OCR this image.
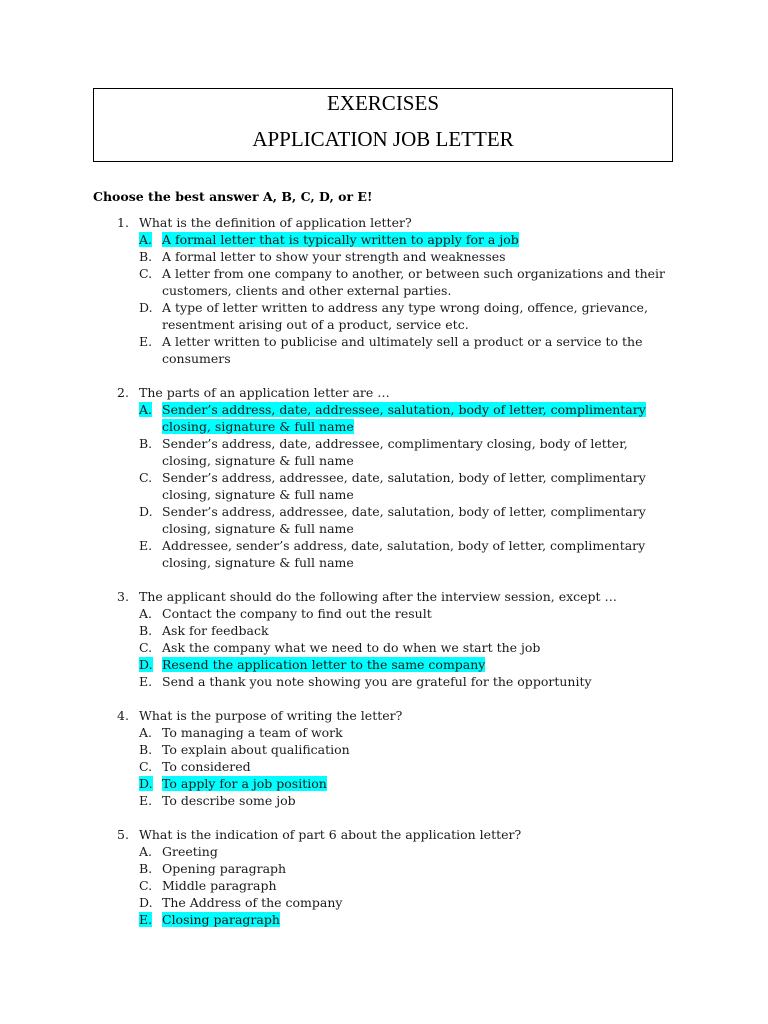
EXERCISES
APPLICATION JOB LETTER
Choose the best answer A, B, C, D, or E!
1. What is the definition of application letter?
A. A formal letter that is typically written to apply for a job
B. A formal letter to show your strength and weaknesses
C. A letter from one company to another, or between such organizations and their customers, clients and other external parties.
D. A type of letter written to address any type wrong doing, offence, grievance, resentment arising out of a product, service etc.
E. A letter written to publicise and ultimately sell a product or a service to the consumers
2. The parts of an application letter are …
A. Sender’s address, date, addressee, salutation, body of letter, complimentary closing, signature & full name
B. Sender’s address, date, addressee, complimentary closing, body of letter, closing, signature & full name
C. Sender’s address, addressee, date, salutation, body of letter, complimentary closing, signature & full name
D. Sender’s address, addressee, date, salutation, body of letter, complimentary closing, signature & full name
E. Addressee, sender’s address, date, salutation, body of letter, complimentary closing, signature & full name
3. The applicant should do the following after the interview session, except …
A. Contact the company to find out the result
B. Ask for feedback
C. Ask the company what we need to do when we start the job
D. Resend the application letter to the same company
E. Send a thank you note showing you are grateful for the opportunity
4. What is the purpose of writing the letter?
A. To managing a team of work
B. To explain about qualification
C. To considered
D. To apply for a job position
E. To describe some job
5. What is the indication of part 6 about the application letter?
A. Greeting
B. Opening paragraph
C. Middle paragraph
D. The Address of the company
E. Closing paragraph
